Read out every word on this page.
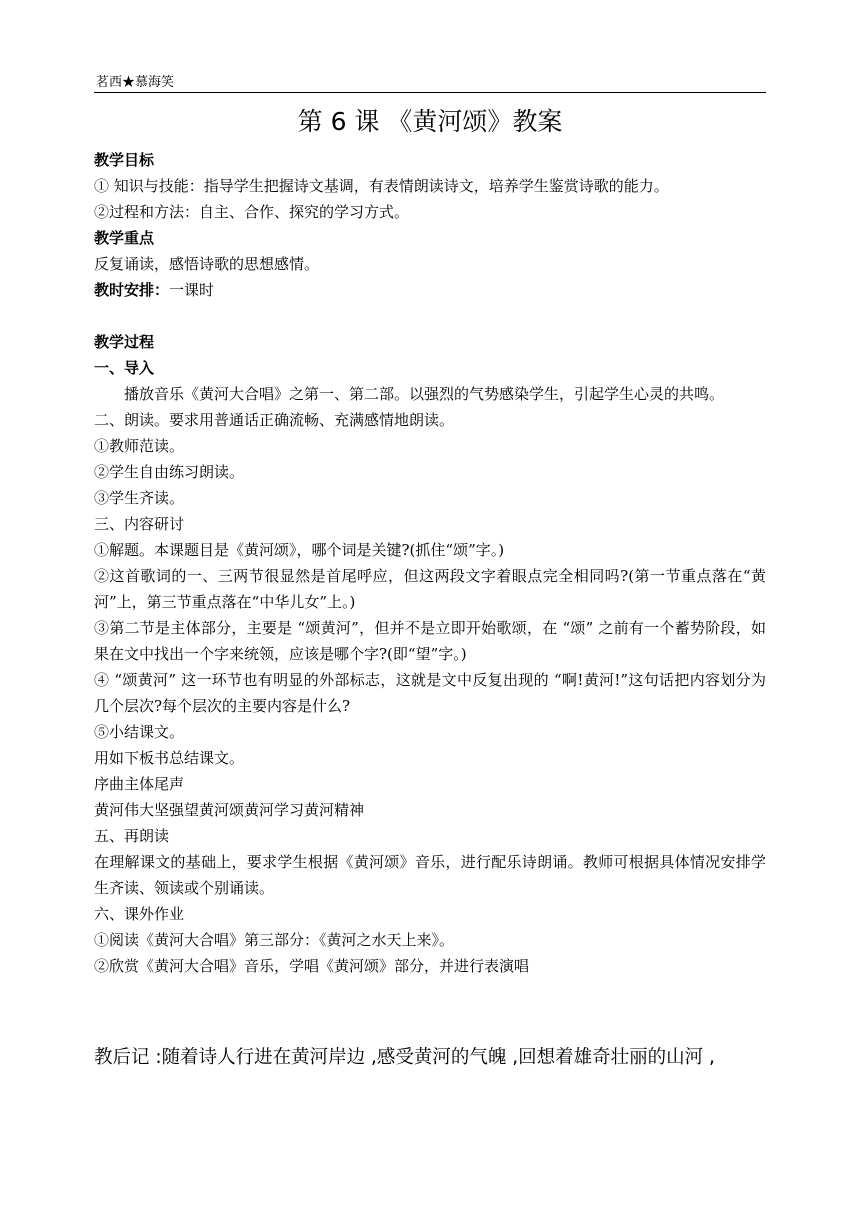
茗西★慕海笑
第 6 课 《黄河颂》教案

教学目标

① 知识与技能：指导学生把握诗文基调，有表情朗读诗文，培养学生鉴赏诗歌的能力。

②过程和方法：自主、合作、探究的学习方式。

教学重点

反复诵读，感悟诗歌的思想感情。

教时安排：一课时

教学过程

一、导入

播放音乐《黄河大合唱》之第一、第二部。以强烈的气势感染学生，引起学生心灵的共鸣。

二、朗读。要求用普通话正确流畅、充满感情地朗读。

①教师范读。

②学生自由练习朗读。

③学生齐读。

三、内容研讨

①解题。本课题目是《黄河颂》，哪个词是关键?(抓住“颂”字。)

②这首歌词的一、三两节很显然是首尾呼应，但这两段文字着眼点完全相同吗?(第一节重点落在“黄河”上，第三节重点落在“中华儿女”上。)

③第二节是主体部分，主要是 “颂黄河”，但并不是立即开始歌颂，在 “颂” 之前有一个蓄势阶段，如果在文中找出一个字来统领，应该是哪个字?(即“望”字。)

④ “颂黄河” 这一环节也有明显的外部标志，这就是文中反复出现的 “啊!黄河!”这句话把内容划分为几个层次?每个层次的主要内容是什么?

⑤小结课文。

用如下板书总结课文。

序曲主体尾声

黄河伟大坚强望黄河颂黄河学习黄河精神

五、再朗读

在理解课文的基础上，要求学生根据《黄河颂》音乐，进行配乐诗朗诵。教师可根据具体情况安排学生齐读、领读或个别诵读。

六、课外作业

①阅读《黄河大合唱》第三部分：《黄河之水天上来》。

②欣赏《黄河大合唱》音乐，学唱《黄河颂》部分，并进行表演唱

教后记 :随着诗人行进在黄河岸边 ,感受黄河的气魄 ,回想着雄奇壮丽的山河 ,
